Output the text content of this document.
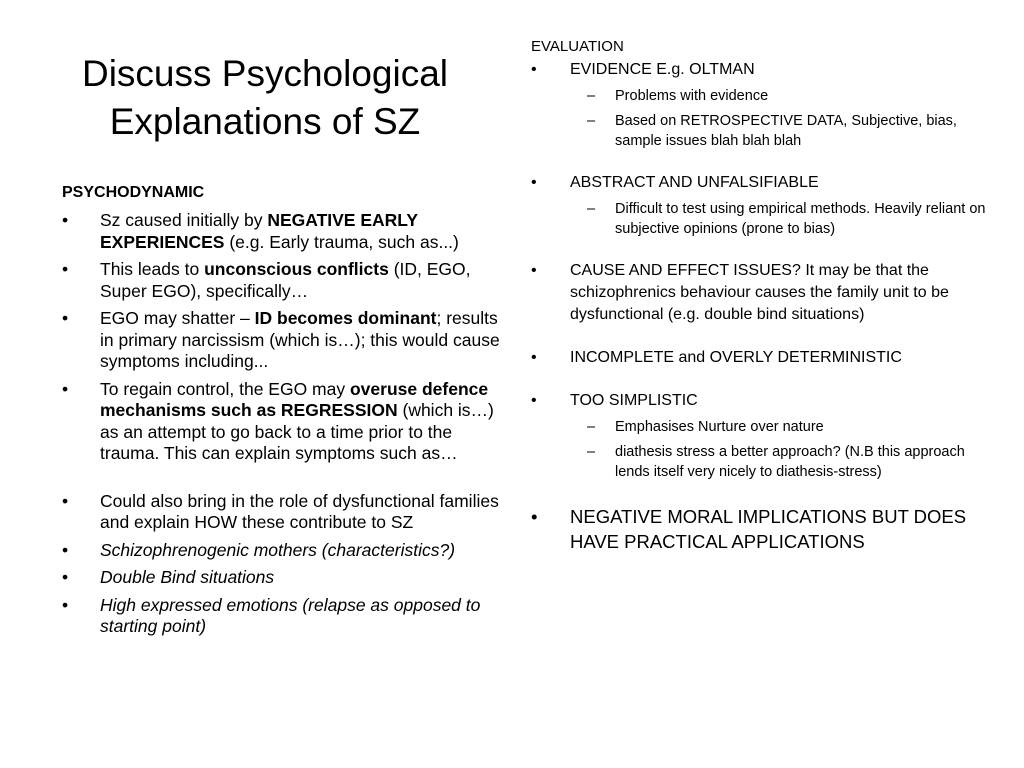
Discuss Psychological
Explanations of SZ
PSYCHODYNAMIC
• Sz caused initially by NEGATIVE EARLY EXPERIENCES (e.g. Early trauma, such as...)
• This leads to unconscious conflicts (ID, EGO, Super EGO), specifically…
• EGO may shatter – ID becomes dominant; results in primary narcissism (which is…); this would cause symptoms including...
• To regain control, the EGO may overuse defence mechanisms such as REGRESSION (which is…) as an attempt to go back to a time prior to the trauma. This can explain symptoms such as…
• Could also bring in the role of dysfunctional families and explain HOW these contribute to SZ
• Schizophrenogenic mothers (characteristics?)
• Double Bind situations
• High expressed emotions (relapse as opposed to starting point)
EVALUATION
• EVIDENCE E.g. OLTMAN
– Problems with evidence
– Based on RETROSPECTIVE DATA, Subjective, bias, sample issues blah blah blah
• ABSTRACT AND UNFALSIFIABLE
– Difficult to test using empirical methods. Heavily reliant on subjective opinions (prone to bias)
• CAUSE AND EFFECT ISSUES? It may be that the schizophrenics behaviour causes the family unit to be dysfunctional (e.g. double bind situations)
• INCOMPLETE and OVERLY DETERMINISTIC
• TOO SIMPLISTIC
– Emphasises Nurture over nature
– diathesis stress a better approach? (N.B this approach lends itself very nicely to diathesis-stress)
• NEGATIVE MORAL IMPLICATIONS BUT DOES HAVE PRACTICAL APPLICATIONS
